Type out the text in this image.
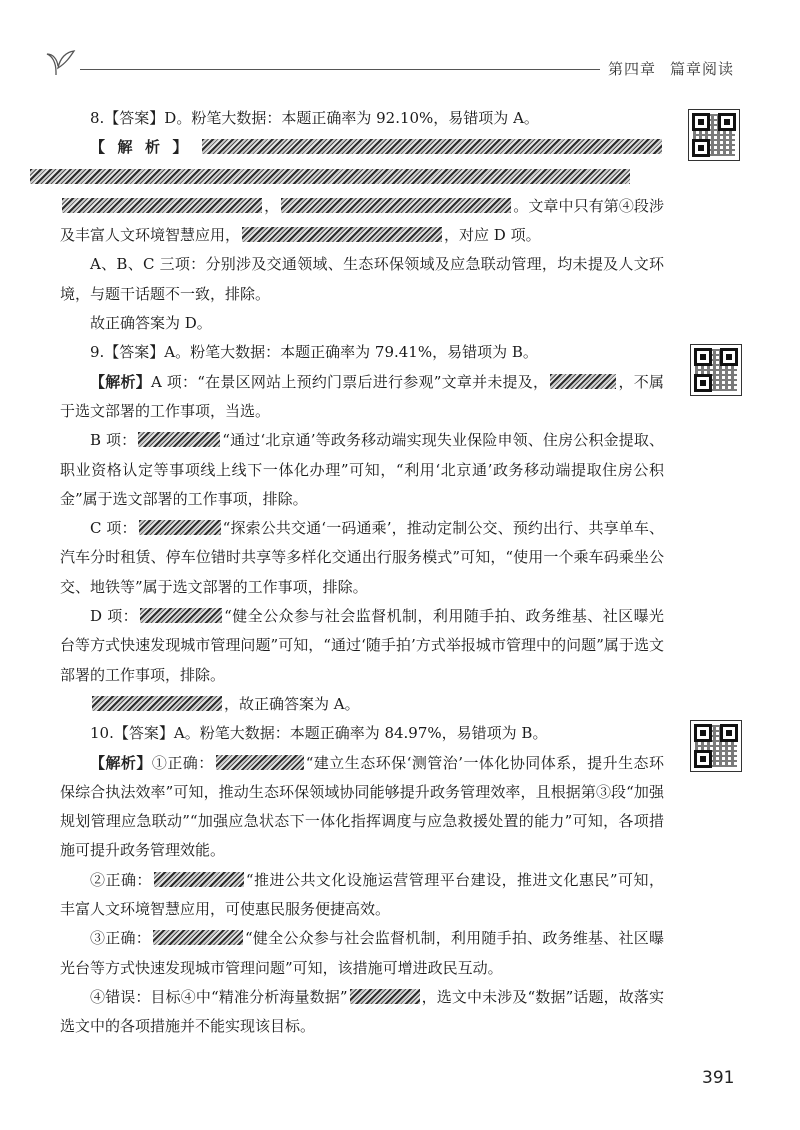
第四章 篇章阅读

8.【答案】D。粉笔大数据：本题正确率为 92.10%，易错项为 A。

【解析】，	。文章中只有第④段涉及丰富人文环境智慧应用，	，对应 D 项。

A、B、C 三项：分别涉及交通领域、生态环保领域及应急联动管理，均未提及人文环境，与题干话题不一致，排除。

故正确答案为 D。

9.【答案】A。粉笔大数据：本题正确率为 79.41%，易错项为 B。

【解析】A 项：“在景区网站上预约门票后进行参观”文章并未提及，	，不属于选文部署的工作事项，当选。

B 项：	“通过‘北京通’等政务移动端实现失业保险申领、住房公积金提取、职业资格认定等事项线上线下一体化办理”可知，“利用‘北京通’政务移动端提取住房公积金”属于选文部署的工作事项，排除。

C 项：	“探索公共交通‘一码通乘’，推动定制公交、预约出行、共享单车、汽车分时租赁、停车位错时共享等多样化交通出行服务模式”可知，“使用一个乘车码乘坐公交、地铁等”属于选文部署的工作事项，排除。

D 项：	“健全公众参与社会监督机制，利用随手拍、政务维基、社区曝光台等方式快速发现城市管理问题”可知，“通过‘随手拍’方式举报城市管理中的问题”属于选文部署的工作事项，排除。

，故正确答案为 A。

10.【答案】A。粉笔大数据：本题正确率为 84.97%，易错项为 B。

【解析】①正确：	“建立生态环保‘测管治’一体化协同体系，提升生态环保综合执法效率”可知，推动生态环保领域协同能够提升政务管理效率，且根据第③段“加强规划管理应急联动”“加强应急状态下一体化指挥调度与应急救援处置的能力”可知，各项措施可提升政务管理效能。

②正确：	“推进公共文化设施运营管理平台建设，推进文化惠民”可知，丰富人文环境智慧应用，可使惠民服务便捷高效。

③正确：	“健全公众参与社会监督机制，利用随手拍、政务维基、社区曝光台等方式快速发现城市管理问题”可知，该措施可增进政民互动。

④错误：目标④中“精准分析海量数据”	，选文中未涉及“数据”话题，故落实选文中的各项措施并不能实现该目标。

391
